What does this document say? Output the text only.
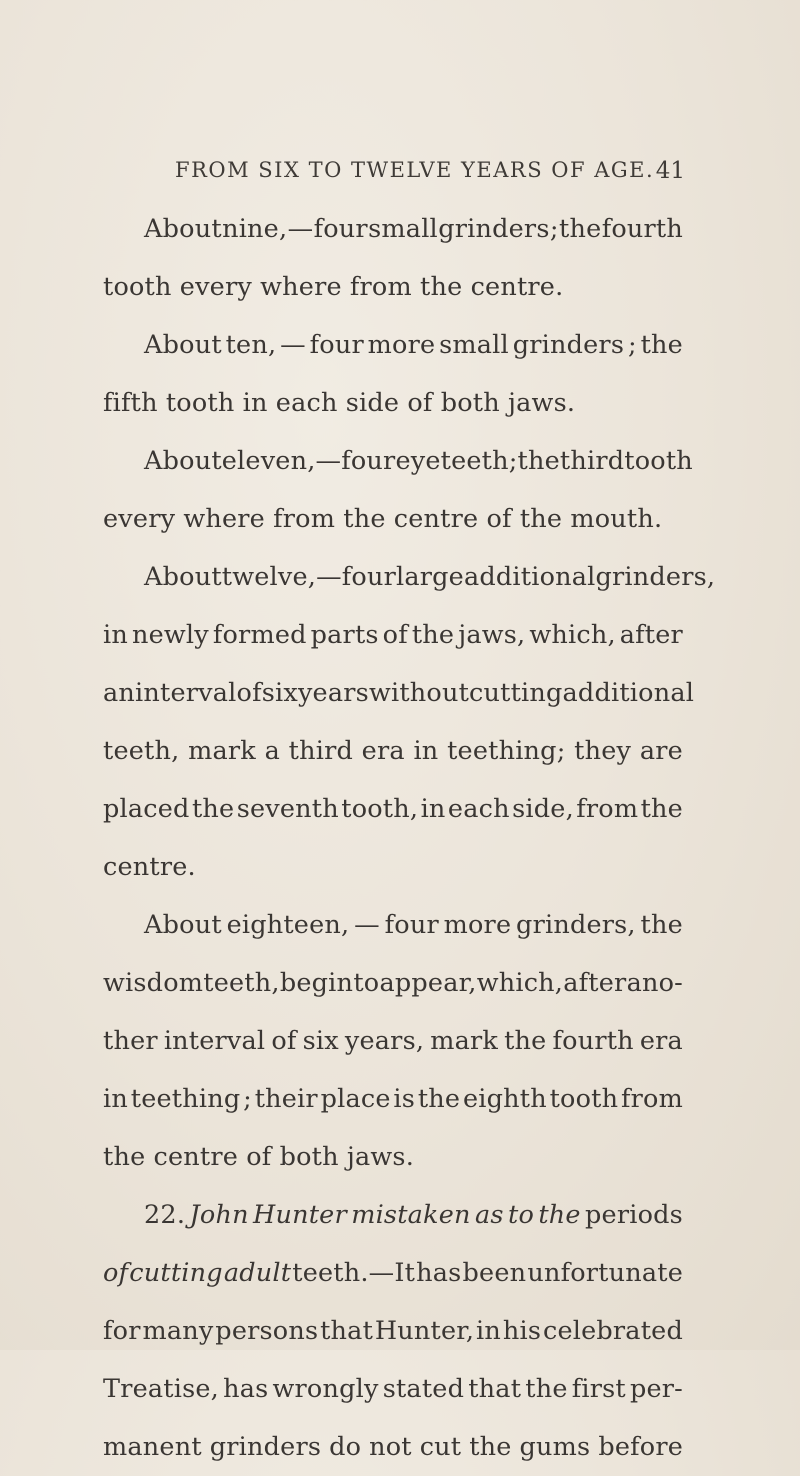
FROM SIX TO TWELVE YEARS OF AGE. 41
About nine, — four small grinders ; the fourth
tooth every where from the centre.
About ten, — four more small grinders ; the
fifth tooth in each side of both jaws.
About eleven, — four eye teeth ; the third tooth
every where from the centre of the mouth.
About twelve, — four large additional grinders ,
in newly formed parts of the jaws, which, after
an interval of six years without cutting additional
teeth, mark a third era in teething; they are
placed the seventh tooth, in each side, from the
centre.
About eighteen, — four more grinders, the
wisdom teeth, begin to appear, which, after ano-
ther interval of six years, mark the fourth era
in teething ; their place is the eighth tooth from
the centre of both jaws.
22. John Hunter mistaken as to the periods
of cutting adult teeth.—It has been unfortunate
for many persons that Hunter, in his celebrated
Treatise, has wrongly stated that the first per-
manent grinders do not cut the gums before
